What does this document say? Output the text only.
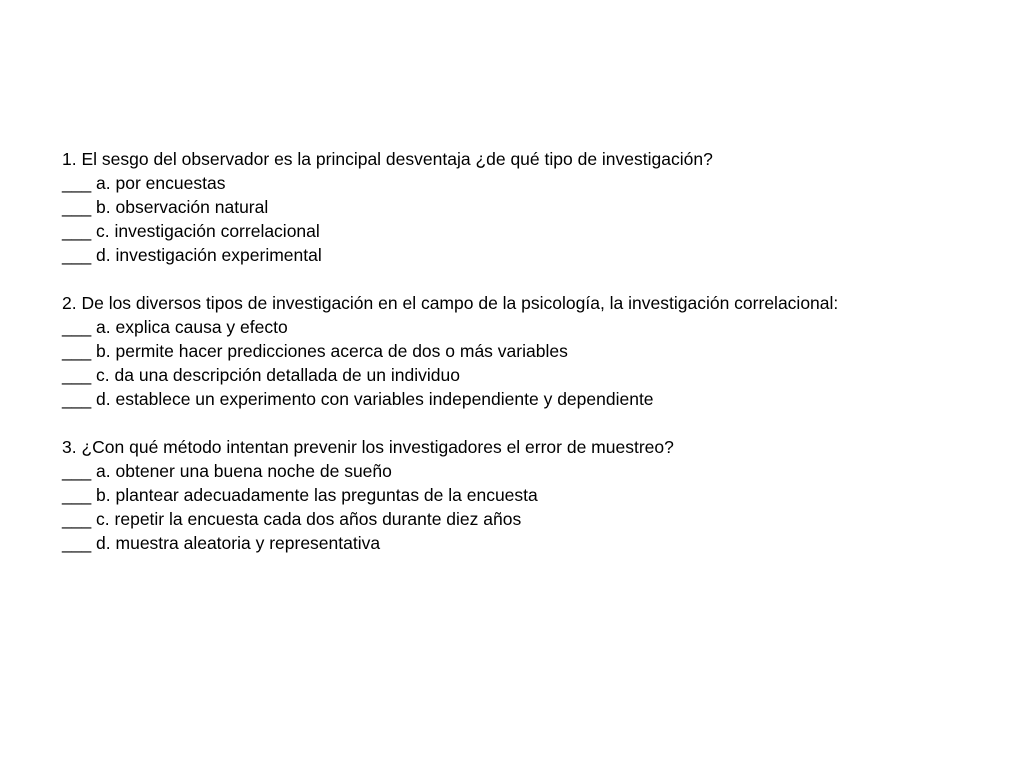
1. El sesgo del observador es la principal desventaja ¿de qué tipo de investigación?
___ a. por encuestas
___ b. observación natural
___ c. investigación correlacional
___ d. investigación experimental
2. De los diversos tipos de investigación en el campo de la psicología, la investigación correlacional:
___ a. explica causa y efecto
___ b. permite hacer predicciones acerca de dos o más variables
___ c. da una descripción detallada de un individuo
___ d. establece un experimento con variables independiente y dependiente
3. ¿Con qué método intentan prevenir los investigadores el error de muestreo?
___ a. obtener una buena noche de sueño
___ b. plantear adecuadamente las preguntas de la encuesta
___ c. repetir la encuesta cada dos años durante diez años
___ d. muestra aleatoria y representativa
